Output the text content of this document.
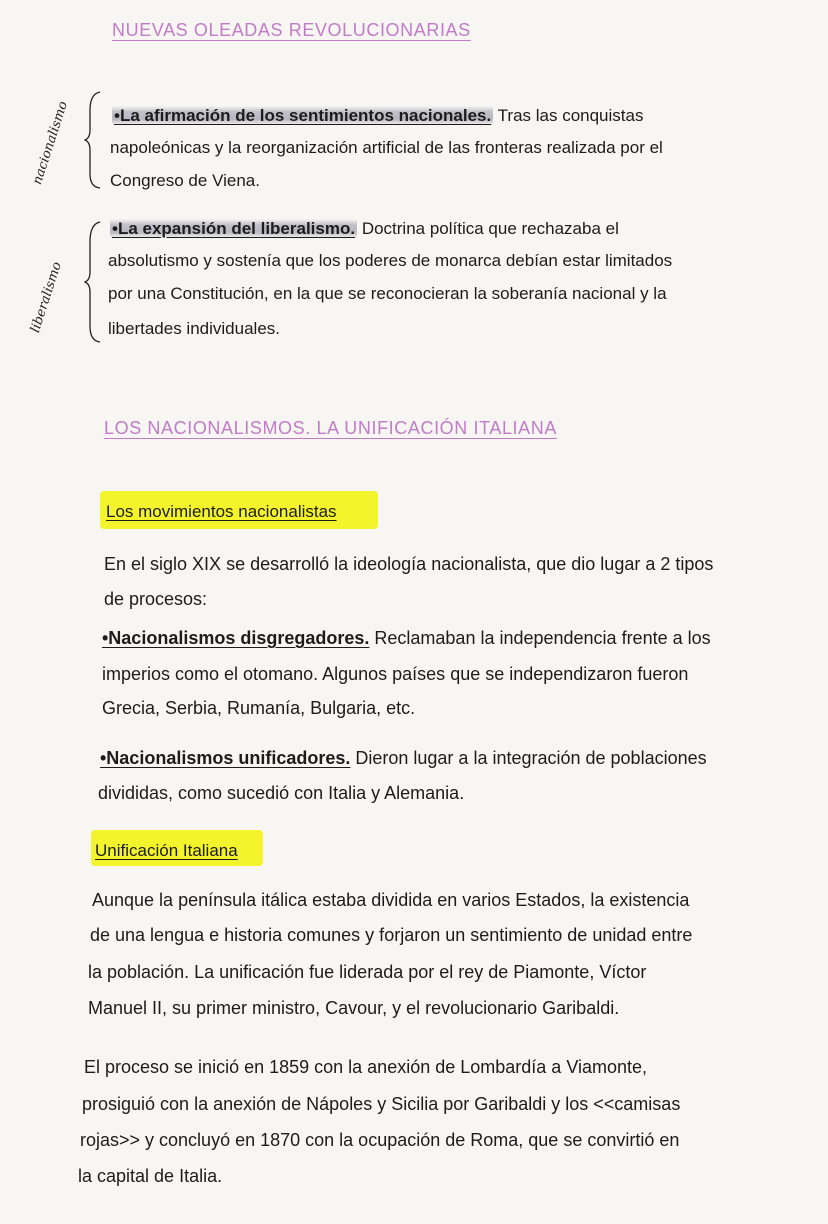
NUEVAS OLEADAS REVOLUCIONARIAS
nacionalismo
liberalismo
•La afirmación de los sentimientos nacionales. Tras las conquistas
napoleónicas y la reorganización artificial de las fronteras realizada por el
Congreso de Viena.
•La expansión del liberalismo. Doctrina política que rechazaba el
absolutismo y sostenía que los poderes de monarca debían estar limitados
por una Constitución, en la que se reconocieran la soberanía nacional y la
libertades individuales.
LOS NACIONALISMOS. LA UNIFICACIÓN ITALIANA
Los movimientos nacionalistas
En el siglo XIX se desarrolló la ideología nacionalista, que dio lugar a 2 tipos
de procesos:
•Nacionalismos disgregadores. Reclamaban la independencia frente a los
imperios como el otomano. Algunos países que se independizaron fueron
Grecia, Serbia, Rumanía, Bulgaria, etc.
•Nacionalismos unificadores. Dieron lugar a la integración de poblaciones
divididas, como sucedió con Italia y Alemania.
Unificación Italiana
Aunque la península itálica estaba dividida en varios Estados, la existencia
de una lengua e historia comunes y forjaron un sentimiento de unidad entre
la población. La unificación fue liderada por el rey de Piamonte, Víctor
Manuel II, su primer ministro, Cavour, y el revolucionario Garibaldi.
El proceso se inició en 1859 con la anexión de Lombardía a Viamonte,
prosiguió con la anexión de Nápoles y Sicilia por Garibaldi y los <<camisas
rojas>> y concluyó en 1870 con la ocupación de Roma, que se convirtió en
la capital de Italia.
